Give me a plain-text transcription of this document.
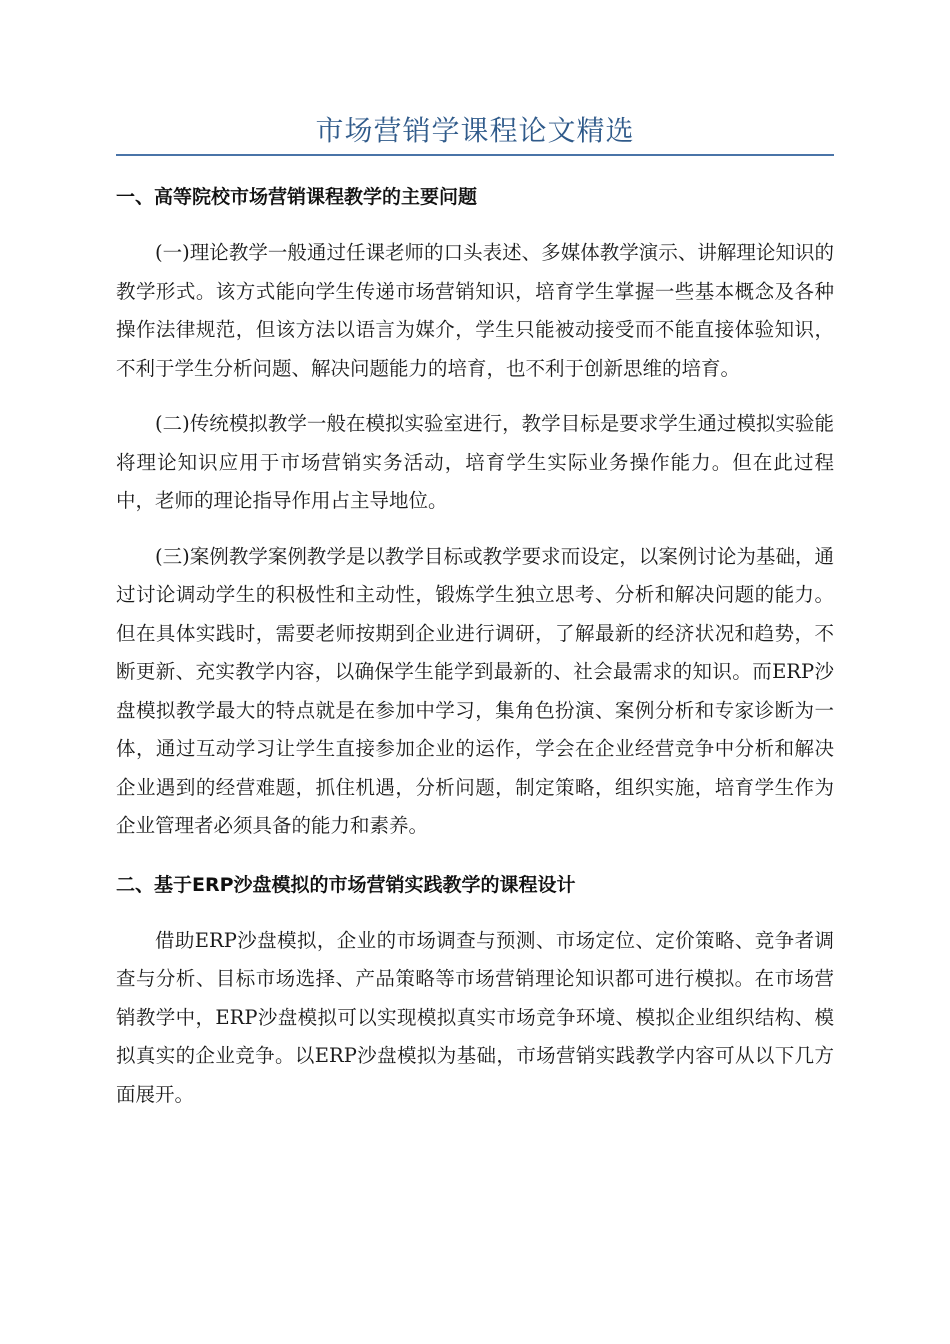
市场营销学课程论文精选
一、高等院校市场营销课程教学的主要问题

(一)理论教学一般通过任课老师的口头表述、多媒体教学演示、讲解理论知识的教学形式。该方式能向学生传递市场营销知识，培育学生掌握一些基本概念及各种操作法律规范，但该方法以语言为媒介，学生只能被动接受而不能直接体验知识，不利于学生分析问题、解决问题能力的培育，也不利于创新思维的培育。

(二)传统模拟教学一般在模拟实验室进行，教学目标是要求学生通过模拟实验能将理论知识应用于市场营销实务活动，培育学生实际业务操作能力。但在此过程中，老师的理论指导作用占主导地位。

(三)案例教学案例教学是以教学目标或教学要求而设定，以案例讨论为基础，通过讨论调动学生的积极性和主动性，锻炼学生独立思考、分析和解决问题的能力。但在具体实践时，需要老师按期到企业进行调研，了解最新的经济状况和趋势，不断更新、充实教学内容，以确保学生能学到最新的、社会最需求的知识。而ERP沙盘模拟教学最大的特点就是在参加中学习，集角色扮演、案例分析和专家诊断为一体，通过互动学习让学生直接参加企业的运作，学会在企业经营竞争中分析和解决企业遇到的经营难题，抓住机遇，分析问题，制定策略，组织实施，培育学生作为企业管理者必须具备的能力和素养。

二、基于ERP沙盘模拟的市场营销实践教学的课程设计

借助ERP沙盘模拟，企业的市场调查与预测、市场定位、定价策略、竞争者调查与分析、目标市场选择、产品策略等市场营销理论知识都可进行模拟。在市场营销教学中，ERP沙盘模拟可以实现模拟真实市场竞争环境、模拟企业组织结构、模拟真实的企业竞争。以ERP沙盘模拟为基础，市场营销实践教学内容可从以下几方面展开。
